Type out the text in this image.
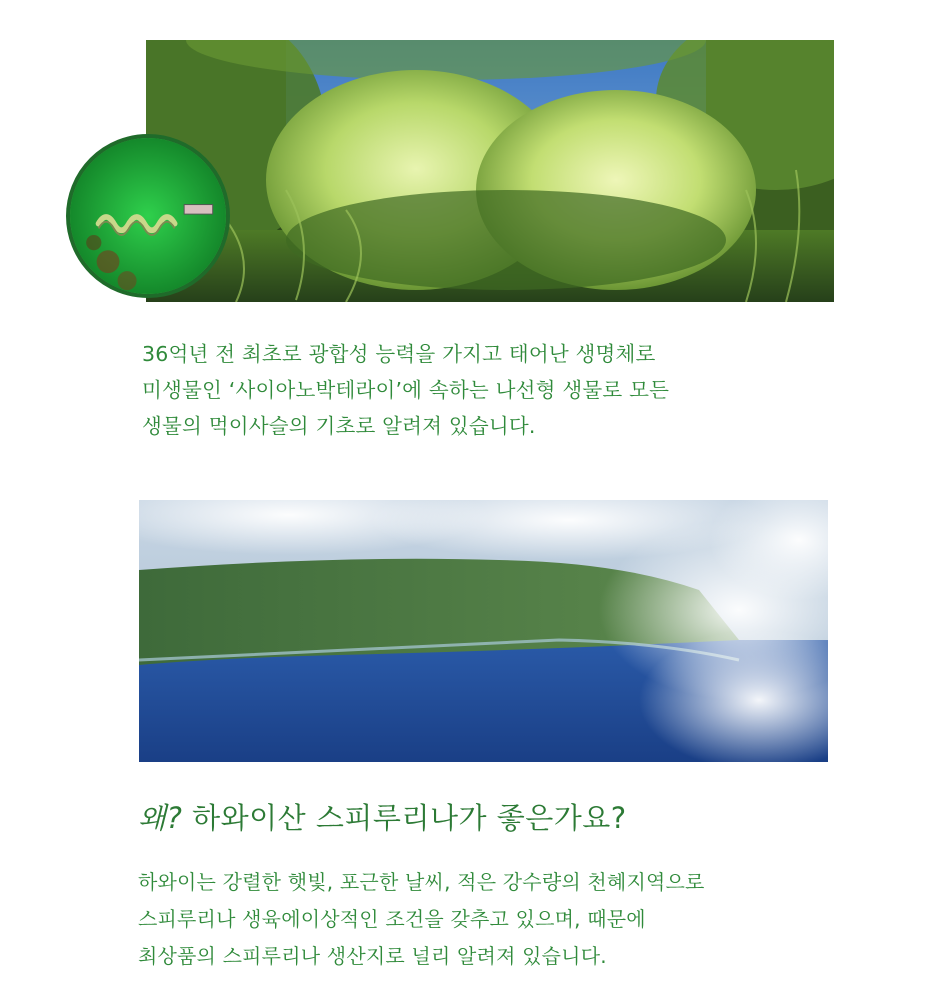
36억년 전 최초로 광합성 능력을 가지고 태어난 생명체로
미생물인 ‘사이아노박테라이’에 속하는 나선형 생물로 모든
생물의 먹이사슬의 기초로 알려져 있습니다.

왜? 하와이산 스피루리나가 좋은가요?

하와이는 강렬한 햇빛, 포근한 날씨, 적은 강수량의 천혜지역으로
스피루리나 생육에이상적인 조건을 갖추고 있으며, 때문에
최상품의 스피루리나 생산지로 널리 알려져 있습니다.
